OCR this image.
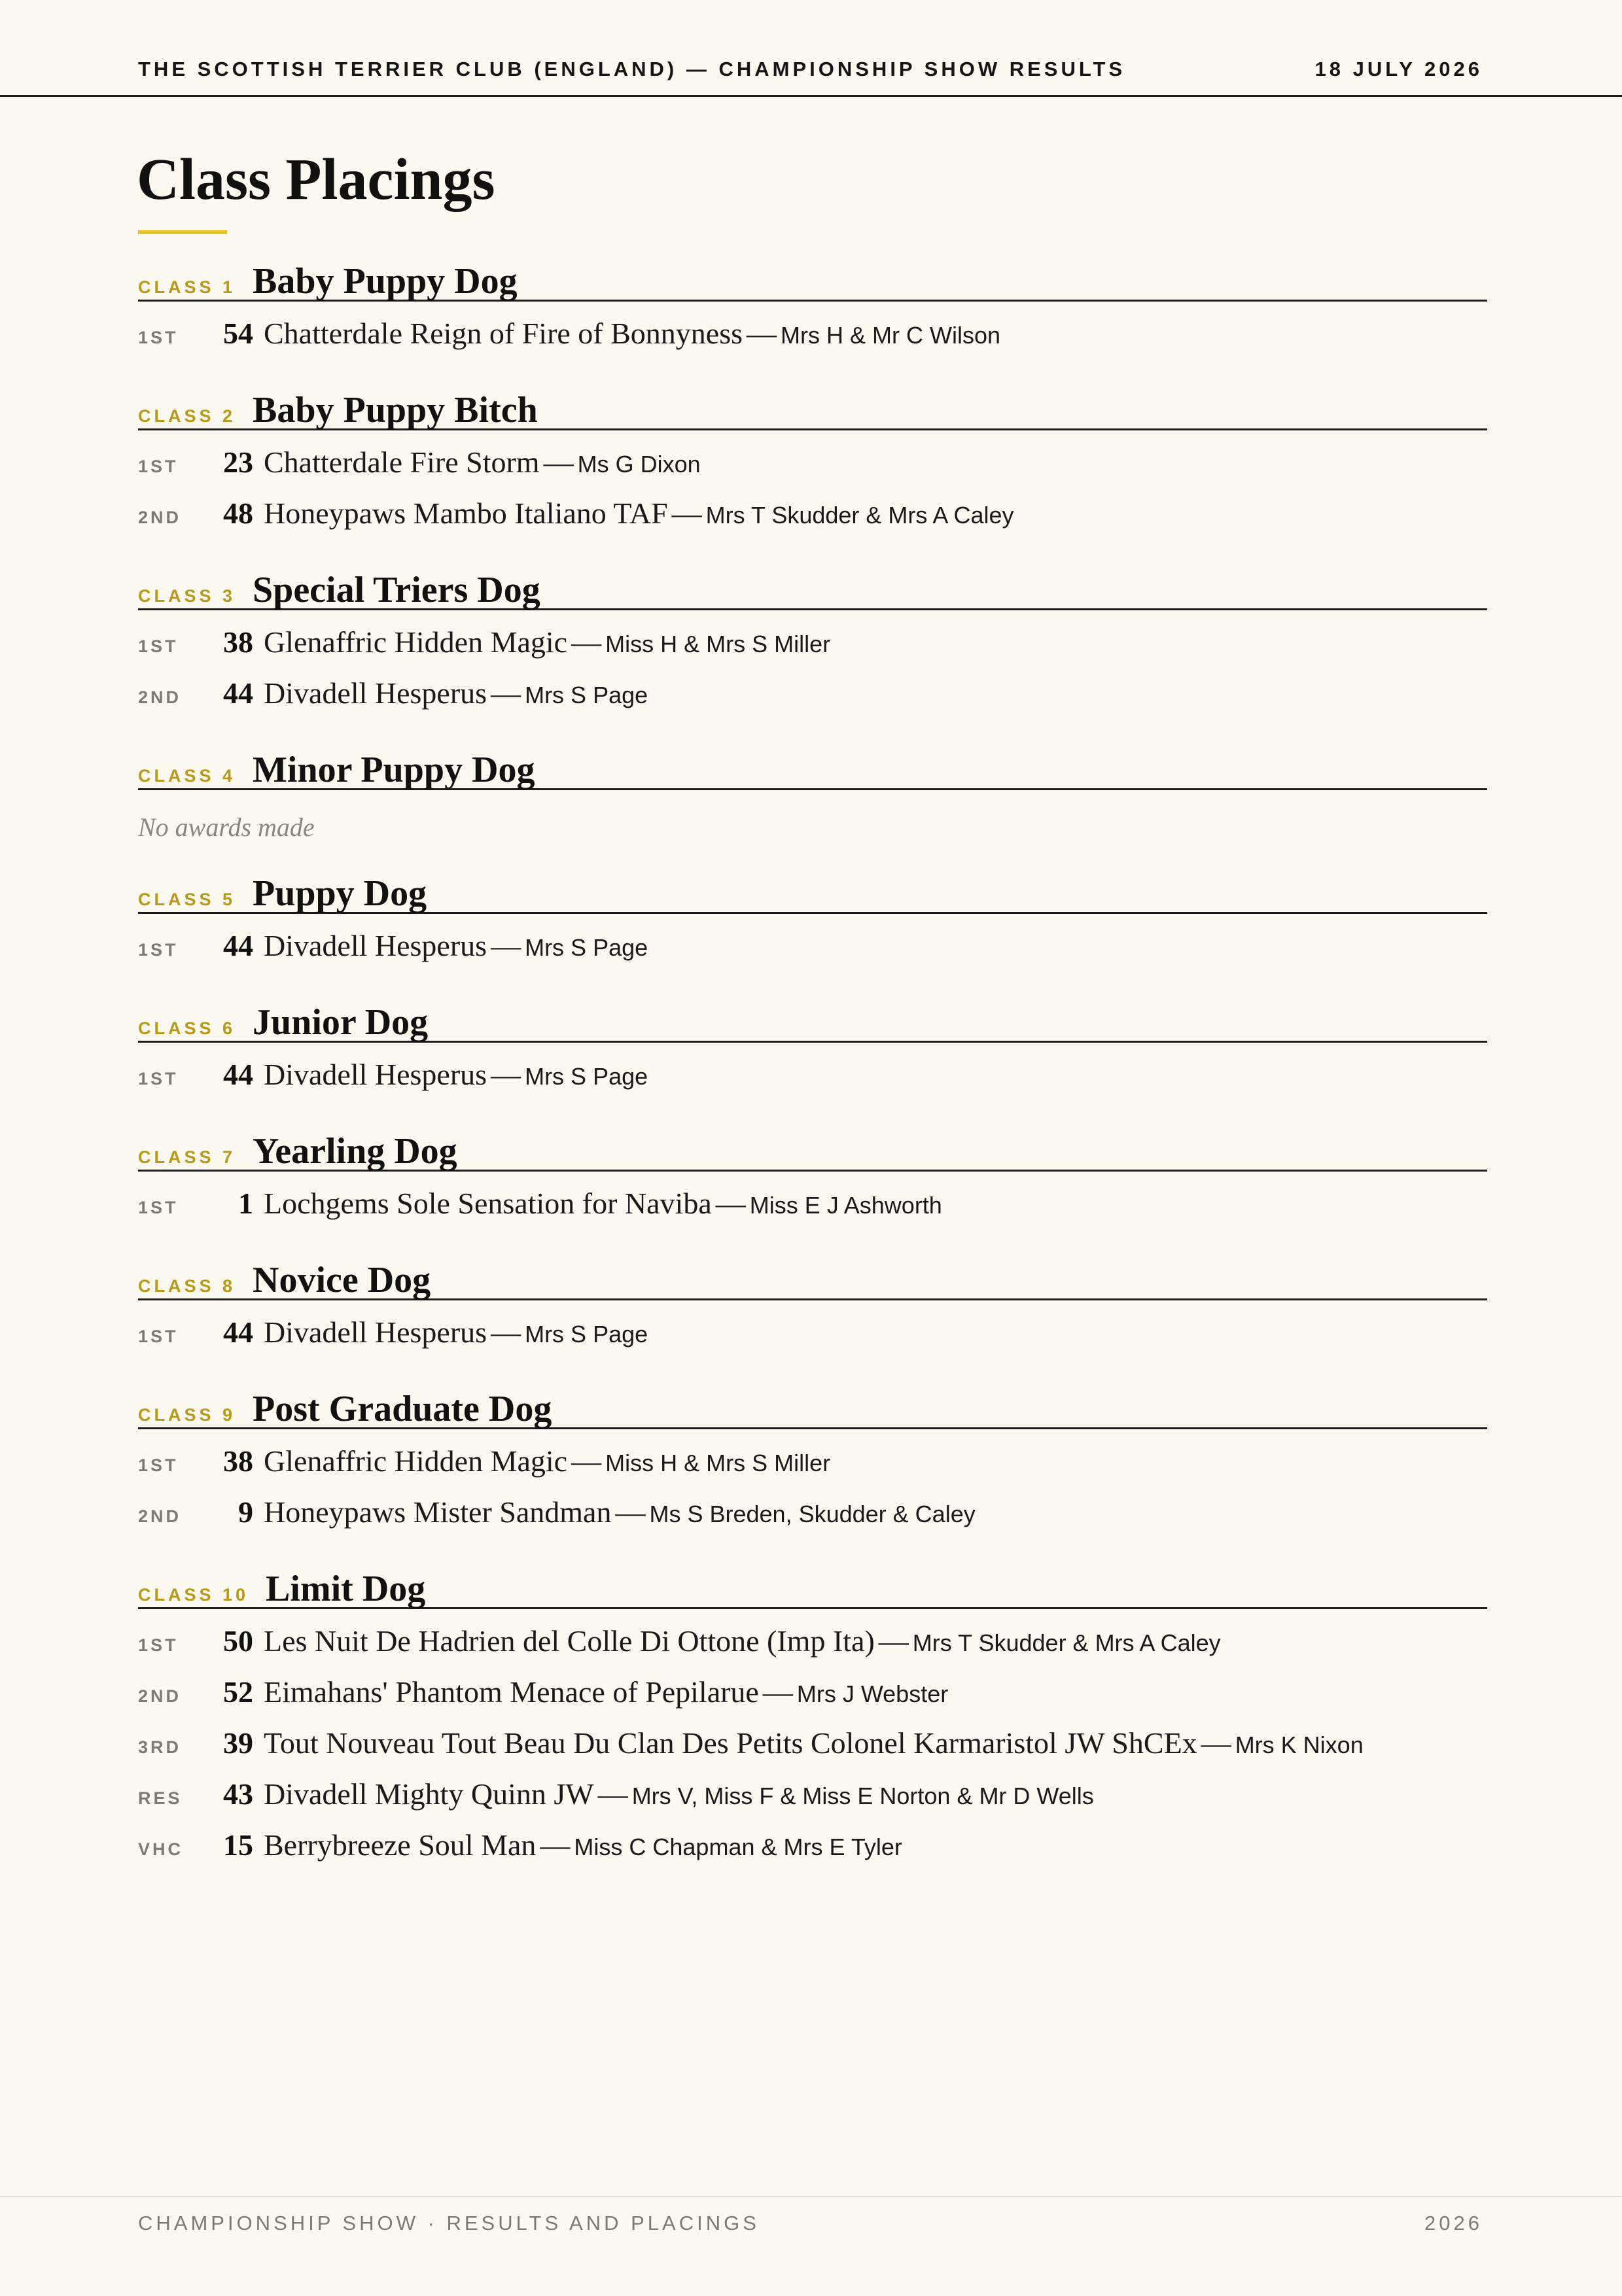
THE SCOTTISH TERRIER CLUB (ENGLAND) — CHAMPIONSHIP SHOW RESULTS	18 JULY 2026
Class Placings
CLASS 1 Baby Puppy Dog
1ST	54 Chatterdale Reign of Fire of Bonnyness — Mrs H & Mr C Wilson
CLASS 2 Baby Puppy Bitch
1ST	23 Chatterdale Fire Storm — Ms G Dixon
2ND	48 Honeypaws Mambo Italiano TAF — Mrs T Skudder & Mrs A Caley
CLASS 3 Special Triers Dog
1ST	38 Glenaffric Hidden Magic — Miss H & Mrs S Miller
2ND	44 Divadell Hesperus — Mrs S Page
CLASS 4 Minor Puppy Dog
No awards made
CLASS 5 Puppy Dog
1ST	44 Divadell Hesperus — Mrs S Page
CLASS 6 Junior Dog
1ST	44 Divadell Hesperus — Mrs S Page
CLASS 7 Yearling Dog
1ST	1 Lochgems Sole Sensation for Naviba — Miss E J Ashworth
CLASS 8 Novice Dog
1ST	44 Divadell Hesperus — Mrs S Page
CLASS 9 Post Graduate Dog
1ST	38 Glenaffric Hidden Magic — Miss H & Mrs S Miller
2ND	9 Honeypaws Mister Sandman — Ms S Breden, Skudder & Caley
CLASS 10 Limit Dog
1ST	50 Les Nuit De Hadrien del Colle Di Ottone (Imp Ita) — Mrs T Skudder & Mrs A Caley
2ND	52 Eimahans' Phantom Menace of Pepilarue — Mrs J Webster
3RD	39 Tout Nouveau Tout Beau Du Clan Des Petits Colonel Karmaristol JW ShCEx — Mrs K Nixon
RES	43 Divadell Mighty Quinn JW — Mrs V, Miss F & Miss E Norton & Mr D Wells
VHC	15 Berrybreeze Soul Man — Miss C Chapman & Mrs E Tyler
CHAMPIONSHIP SHOW · RESULTS AND PLACINGS	2026
